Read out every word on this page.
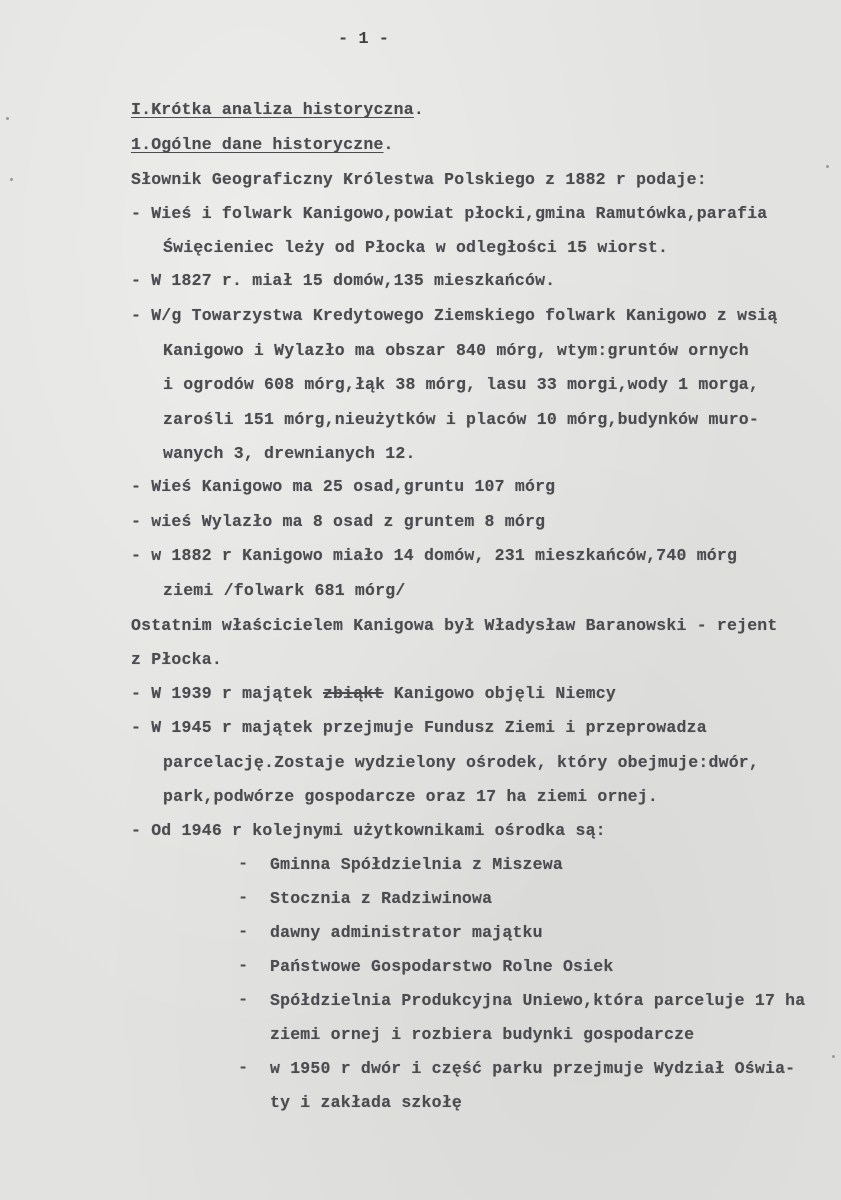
- 1 -
I.Krótka analiza historyczna.
1.Ogólne dane historyczne.
Słownik Geograficzny Królestwa Polskiego z 1882 r podaje:
- Wieś i folwark Kanigowo,powiat płocki,gmina Ramutówka,parafia
Święcieniec leży od Płocka w odległości 15 wiorst.
- W 1827 r. miał 15 domów,135 mieszkańców.
- W/g Towarzystwa Kredytowego Ziemskiego folwark Kanigowo z wsią
Kanigowo i Wylazło ma obszar 840 mórg, wtym:gruntów ornych
i ogrodów 608 mórg,łąk 38 mórg, lasu 33 morgi,wody 1 morga,
zarośli 151 mórg,nieużytków i placów 10 mórg,budynków muro-
wanych 3, drewnianych 12.
- Wieś Kanigowo ma 25 osad,gruntu 107 mórg
- wieś Wylazło ma 8 osad z gruntem 8 mórg
- w 1882 r Kanigowo miało 14 domów, 231 mieszkańców,740 mórg
ziemi /folwark 681 mórg/
Ostatnim właścicielem Kanigowa był Władysław Baranowski - rejent
z Płocka.
- W 1939 r majątek zbiąkt Kanigowo objęli Niemcy
- W 1945 r majątek przejmuje Fundusz Ziemi i przeprowadza
parcelację.Zostaje wydzielony ośrodek, który obejmuje:dwór,
park,podwórze gospodarcze oraz 17 ha ziemi ornej.
- Od 1946 r kolejnymi użytkownikami ośrodka są:
- Gminna Spółdzielnia z Miszewa
- Stocznia z Radziwinowa
- dawny administrator majątku
- Państwowe Gospodarstwo Rolne Osiek
- Spółdzielnia Produkcyjna Uniewo,która parceluje 17 ha
ziemi ornej i rozbiera budynki gospodarcze
- w 1950 r dwór i część parku przejmuje Wydział Oświa-
ty i zakłada szkołę
